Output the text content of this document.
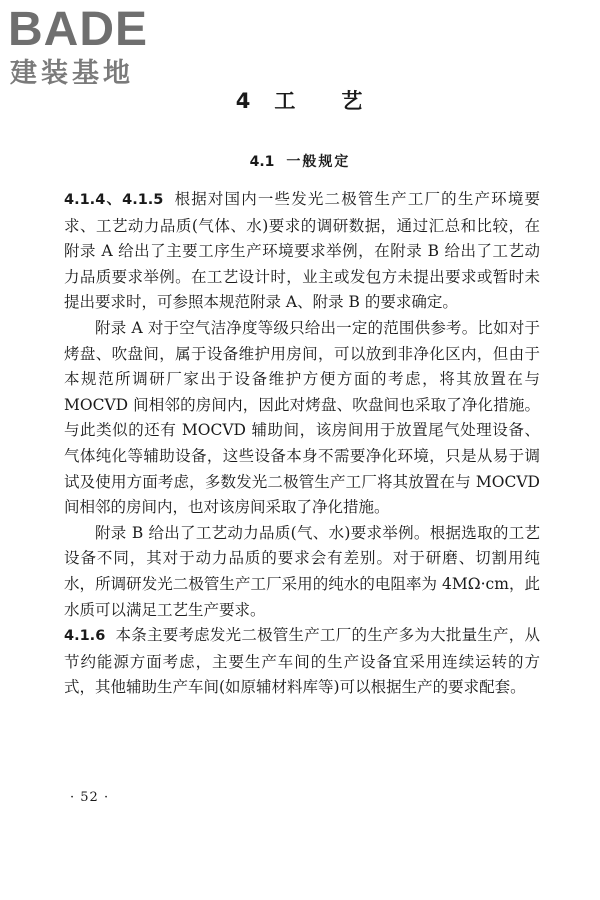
BADE
建装基地
4 工 艺
4.1 一般规定

4.1.4、4.1.5 根据对国内一些发光二极管生产工厂的生产环境要求、工艺动力品质(气体、水)要求的调研数据，通过汇总和比较，在附录 A 给出了主要工序生产环境要求举例，在附录 B 给出了工艺动力品质要求举例。在工艺设计时，业主或发包方未提出要求或暂时未提出要求时，可参照本规范附录 A、附录 B 的要求确定。

附录 A 对于空气洁净度等级只给出一定的范围供参考。比如对于烤盘、吹盘间，属于设备维护用房间，可以放到非净化区内，但由于本规范所调研厂家出于设备维护方便方面的考虑，将其放置在与 MOCVD 间相邻的房间内，因此对烤盘、吹盘间也采取了净化措施。与此类似的还有 MOCVD 辅助间，该房间用于放置尾气处理设备、气体纯化等辅助设备，这些设备本身不需要净化环境，只是从易于调试及使用方面考虑，多数发光二极管生产工厂将其放置在与 MOCVD 间相邻的房间内，也对该房间采取了净化措施。

附录 B 给出了工艺动力品质(气、水)要求举例。根据选取的工艺设备不同，其对于动力品质的要求会有差别。对于研磨、切割用纯水，所调研发光二极管生产工厂采用的纯水的电阻率为 4MΩ·cm，此水质可以满足工艺生产要求。

4.1.6 本条主要考虑发光二极管生产工厂的生产多为大批量生产，从节约能源方面考虑，主要生产车间的生产设备宜采用连续运转的方式，其他辅助生产车间(如原辅材料库等)可以根据生产的要求配套。

· 52 ·
